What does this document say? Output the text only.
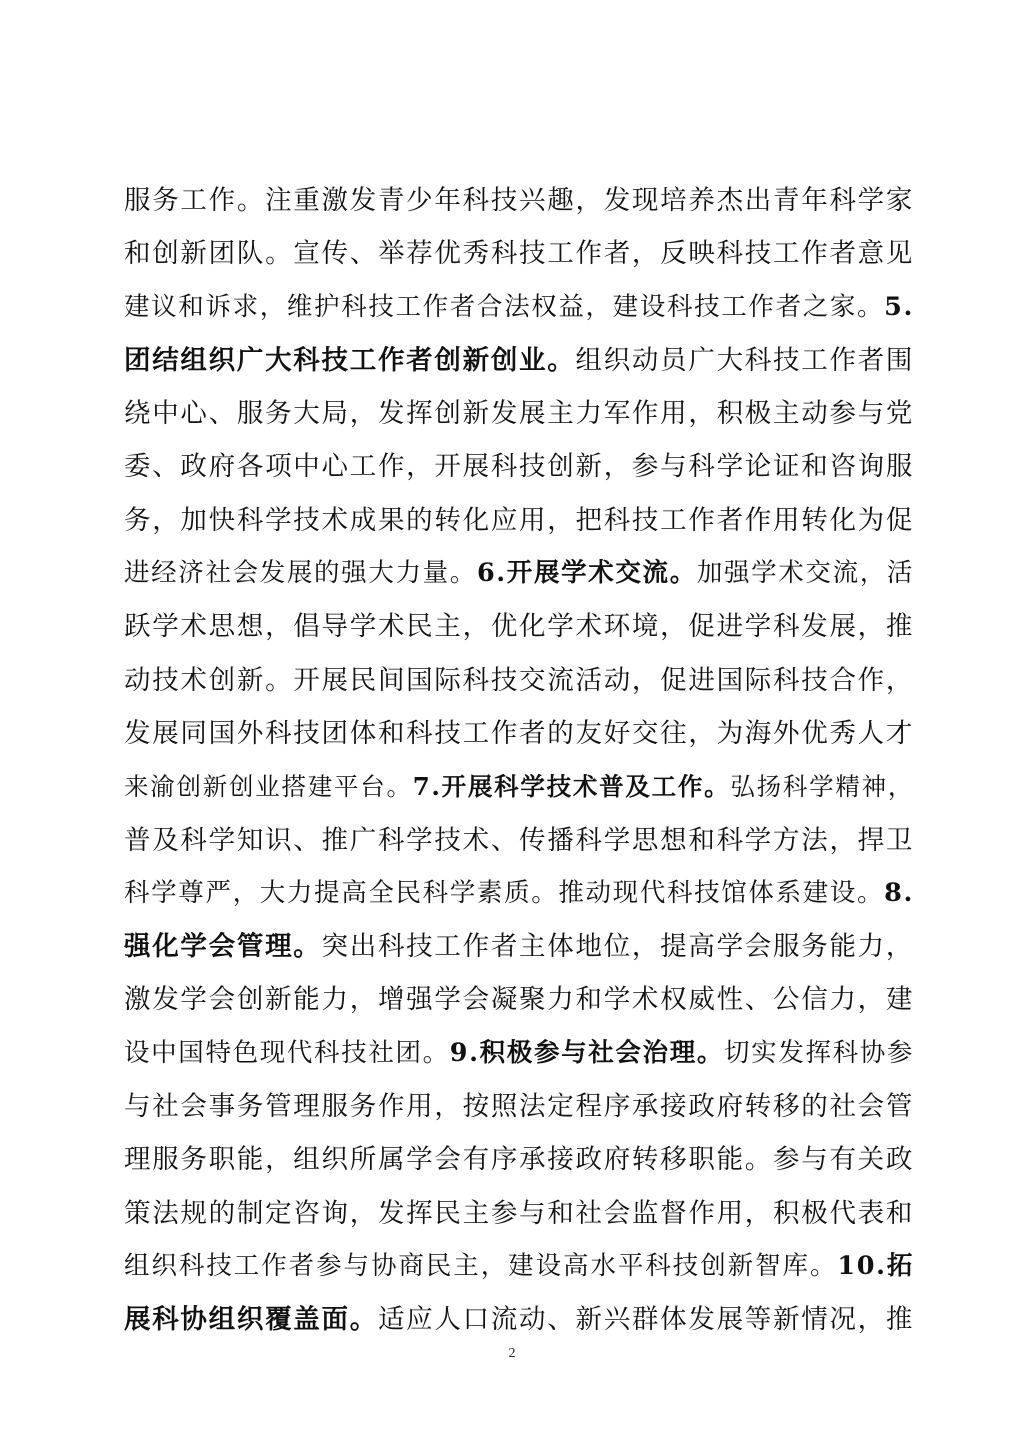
服务工作。注重激发青少年科技兴趣，发现培养杰出青年科学家
和创新团队。宣传、举荐优秀科技工作者，反映科技工作者意见
建议和诉求，维护科技工作者合法权益，建设科技工作者之家。5.
团结组织广大科技工作者创新创业。组织动员广大科技工作者围
绕中心、服务大局，发挥创新发展主力军作用，积极主动参与党
委、政府各项中心工作，开展科技创新，参与科学论证和咨询服
务，加快科学技术成果的转化应用，把科技工作者作用转化为促
进经济社会发展的强大力量。6.开展学术交流。加强学术交流，活
跃学术思想，倡导学术民主，优化学术环境，促进学科发展，推
动技术创新。开展民间国际科技交流活动，促进国际科技合作，
发展同国外科技团体和科技工作者的友好交往，为海外优秀人才
来渝创新创业搭建平台。7.开展科学技术普及工作。弘扬科学精神，
普及科学知识、推广科学技术、传播科学思想和科学方法，捍卫
科学尊严，大力提高全民科学素质。推动现代科技馆体系建设。8.
强化学会管理。突出科技工作者主体地位，提高学会服务能力，
激发学会创新能力，增强学会凝聚力和学术权威性、公信力，建
设中国特色现代科技社团。9.积极参与社会治理。切实发挥科协参
与社会事务管理服务作用，按照法定程序承接政府转移的社会管
理服务职能，组织所属学会有序承接政府转移职能。参与有关政
策法规的制定咨询，发挥民主参与和社会监督作用，积极代表和
组织科技工作者参与协商民主，建设高水平科技创新智库。10.拓
展科协组织覆盖面。适应人口流动、新兴群体发展等新情况，推
2
